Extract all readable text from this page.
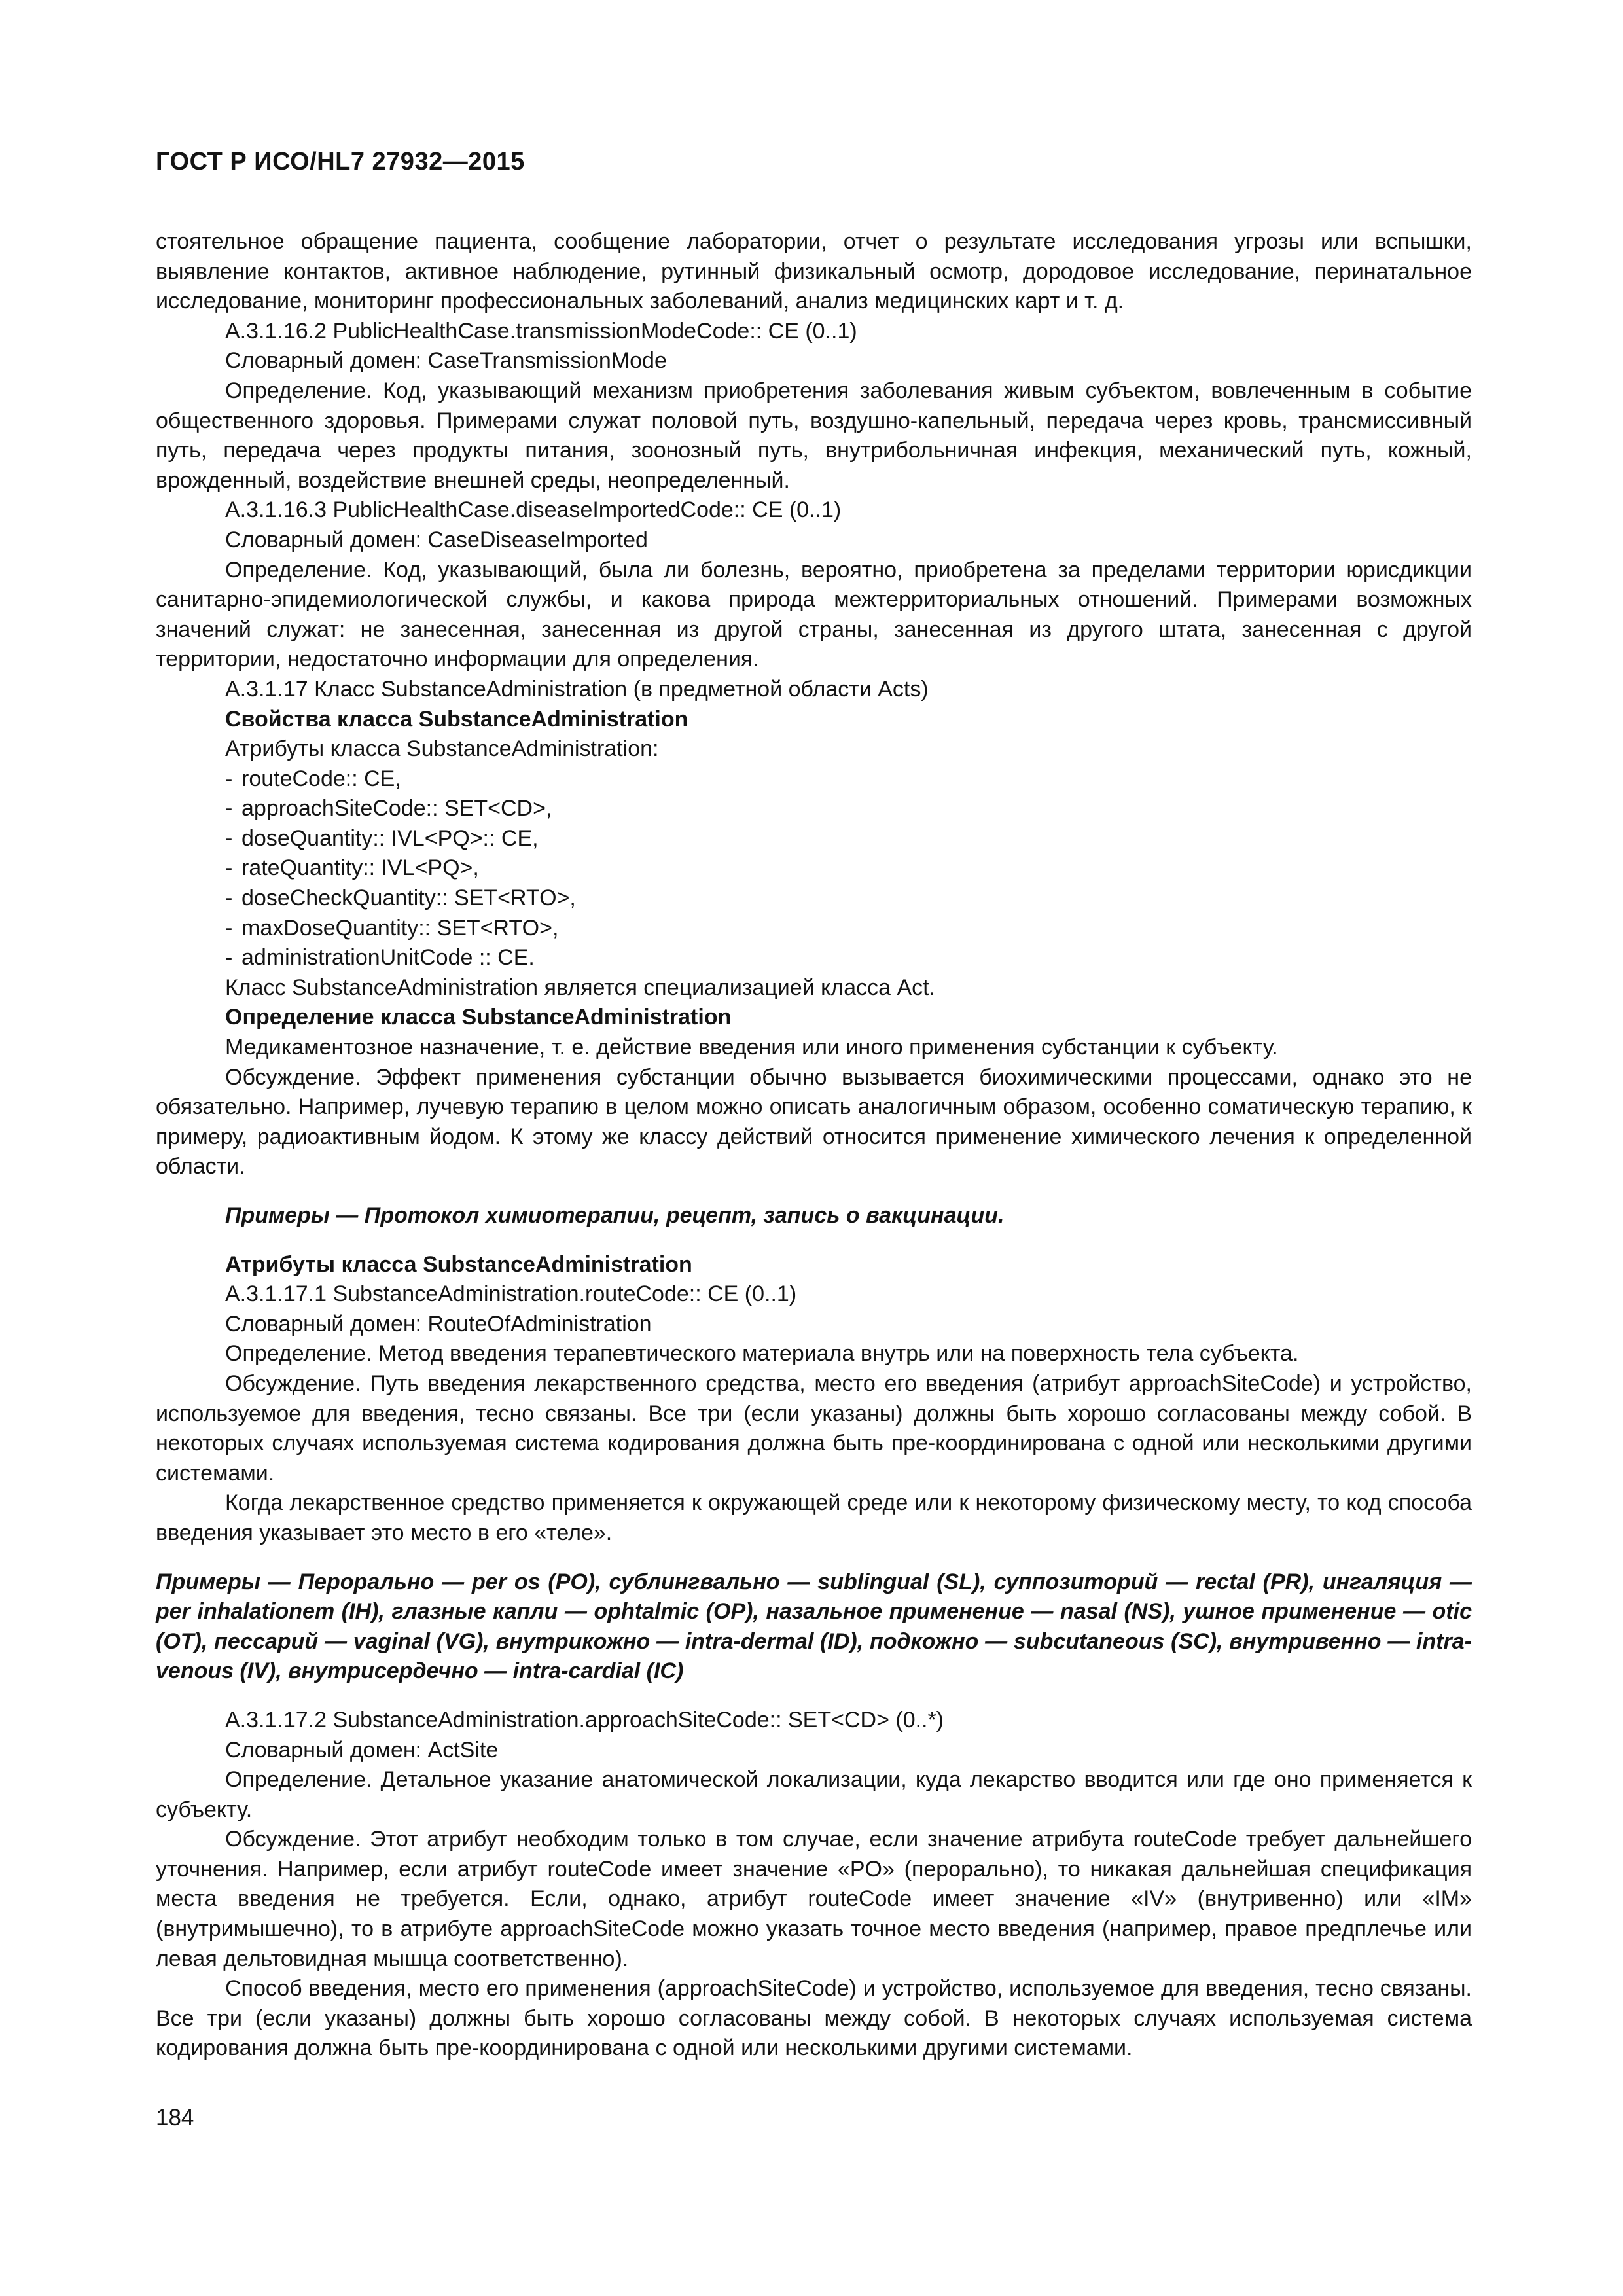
ГОСТ Р ИСО/HL7 27932—2015

стоятельное обращение пациента, сообщение лаборатории, отчет о результате исследования угрозы или вспышки, выявление контактов, активное наблюдение, рутинный физикальный осмотр, дородовое исследование, перинатальное исследование, мониторинг профессиональных заболеваний, анализ медицинских карт и т. д.

A.3.1.16.2 PublicHealthCase.transmissionModeCode:: CE (0..1)

Словарный домен: CaseTransmissionMode

Определение. Код, указывающий механизм приобретения заболевания живым субъектом, вовлеченным в событие общественного здоровья. Примерами служат половой путь, воздушно-капельный, передача через кровь, трансмиссивный путь, передача через продукты питания, зоонозный путь, внутрибольничная инфекция, механический путь, кожный, врожденный, воздействие внешней среды, неопределенный.

A.3.1.16.3 PublicHealthCase.diseaseImportedCode:: CE (0..1)

Словарный домен: CaseDiseaseImported

Определение. Код, указывающий, была ли болезнь, вероятно, приобретена за пределами территории юрисдикции санитарно-эпидемиологической службы, и какова природа межтерриториальных отношений. Примерами возможных значений служат: не занесенная, занесенная из другой страны, занесенная из другого штата, занесенная с другой территории, недостаточно информации для определения.

A.3.1.17 Класс SubstanceAdministration (в предметной области Acts)

Свойства класса SubstanceAdministration

Атрибуты класса SubstanceAdministration:

- routeCode:: CE,

- approachSiteCode:: SET<CD>,

- doseQuantity:: IVL<PQ>:: CE,

- rateQuantity:: IVL<PQ>,

- doseCheckQuantity:: SET<RTO>,

- maxDoseQuantity:: SET<RTO>,

- administrationUnitCode :: CE.

Класс SubstanceAdministration является специализацией класса Act.

Определение класса SubstanceAdministration

Медикаментозное назначение, т. е. действие введения или иного применения субстанции к субъекту.

Обсуждение. Эффект применения субстанции обычно вызывается биохимическими процессами, однако это не обязательно. Например, лучевую терапию в целом можно описать аналогичным образом, особенно соматическую терапию, к примеру, радиоактивным йодом. К этому же классу действий относится применение химического лечения к определенной области.

Примеры — Протокол химиотерапии, рецепт, запись о вакцинации.

Атрибуты класса SubstanceAdministration

A.3.1.17.1 SubstanceAdministration.routeCode:: CE (0..1)

Словарный домен: RouteOfAdministration

Определение. Метод введения терапевтического материала внутрь или на поверхность тела субъекта.

Обсуждение. Путь введения лекарственного средства, место его введения (атрибут approachSiteCode) и устройство, используемое для введения, тесно связаны. Все три (если указаны) должны быть хорошо согласованы между собой. В некоторых случаях используемая система кодирования должна быть пре-координирована с одной или несколькими другими системами.

Когда лекарственное средство применяется к окружающей среде или к некоторому физическому месту, то код способа введения указывает это место в его «теле».

Примеры — Перорально — per os (PO), сублингвально — sublingual (SL), суппозиторий — rectal (PR), ингаляция — per inhalationem (IH), глазные капли — ophtalmic (OP), назальное применение — nasal (NS), ушное применение — otic (OT), пессарий — vaginal (VG), внутрикожно — intra-dermal (ID), подкожно — subcutaneous (SC), внутривенно — intra-venous (IV), внутрисердечно — intra-cardial (IC)

A.3.1.17.2 SubstanceAdministration.approachSiteCode:: SET<CD> (0..*)

Словарный домен: ActSite

Определение. Детальное указание анатомической локализации, куда лекарство вводится или где оно применяется к субъекту.

Обсуждение. Этот атрибут необходим только в том случае, если значение атрибута routeCode требует дальнейшего уточнения. Например, если атрибут routeCode имеет значение «PO» (перорально), то никакая дальнейшая спецификация места введения не требуется. Если, однако, атрибут routeCode имеет значение «IV» (внутривенно) или «IM» (внутримышечно), то в атрибуте approachSiteCode можно указать точное место введения (например, правое предплечье или левая дельтовидная мышца соответственно).

Способ введения, место его применения (approachSiteCode) и устройство, используемое для введения, тесно связаны. Все три (если указаны) должны быть хорошо согласованы между собой. В некоторых случаях используемая система кодирования должна быть пре-координирована с одной или несколькими другими системами.

184
